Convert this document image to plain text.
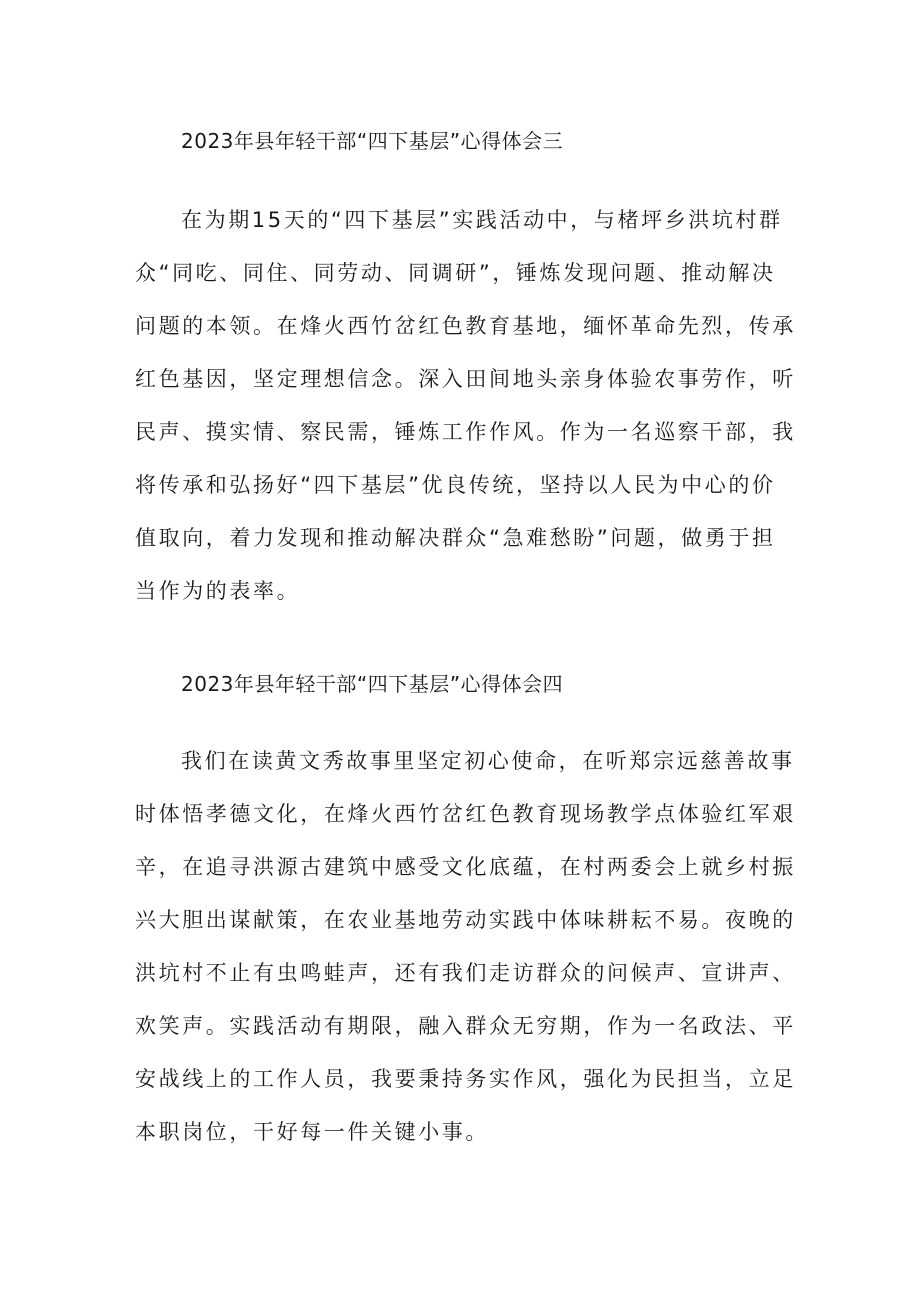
2023年县年轻干部“四下基层”心得体会三
在为期15天的“四下基层”实践活动中，与楮坪乡洪坑村群
众“同吃、同住、同劳动、同调研”，锤炼发现问题、推动解决
问题的本领。在烽火西竹岔红色教育基地，缅怀革命先烈，传承
红色基因，坚定理想信念。深入田间地头亲身体验农事劳作，听
民声、摸实情、察民需，锤炼工作作风。作为一名巡察干部，我
将传承和弘扬好“四下基层”优良传统，坚持以人民为中心的价
值取向，着力发现和推动解决群众“急难愁盼”问题，做勇于担
当作为的表率。
2023年县年轻干部“四下基层”心得体会四
我们在读黄文秀故事里坚定初心使命，在听郑宗远慈善故事
时体悟孝德文化，在烽火西竹岔红色教育现场教学点体验红军艰
辛，在追寻洪源古建筑中感受文化底蕴，在村两委会上就乡村振
兴大胆出谋献策，在农业基地劳动实践中体味耕耘不易。夜晚的
洪坑村不止有虫鸣蛙声，还有我们走访群众的问候声、宣讲声、
欢笑声。实践活动有期限，融入群众无穷期，作为一名政法、平
安战线上的工作人员，我要秉持务实作风，强化为民担当，立足
本职岗位，干好每一件关键小事。
